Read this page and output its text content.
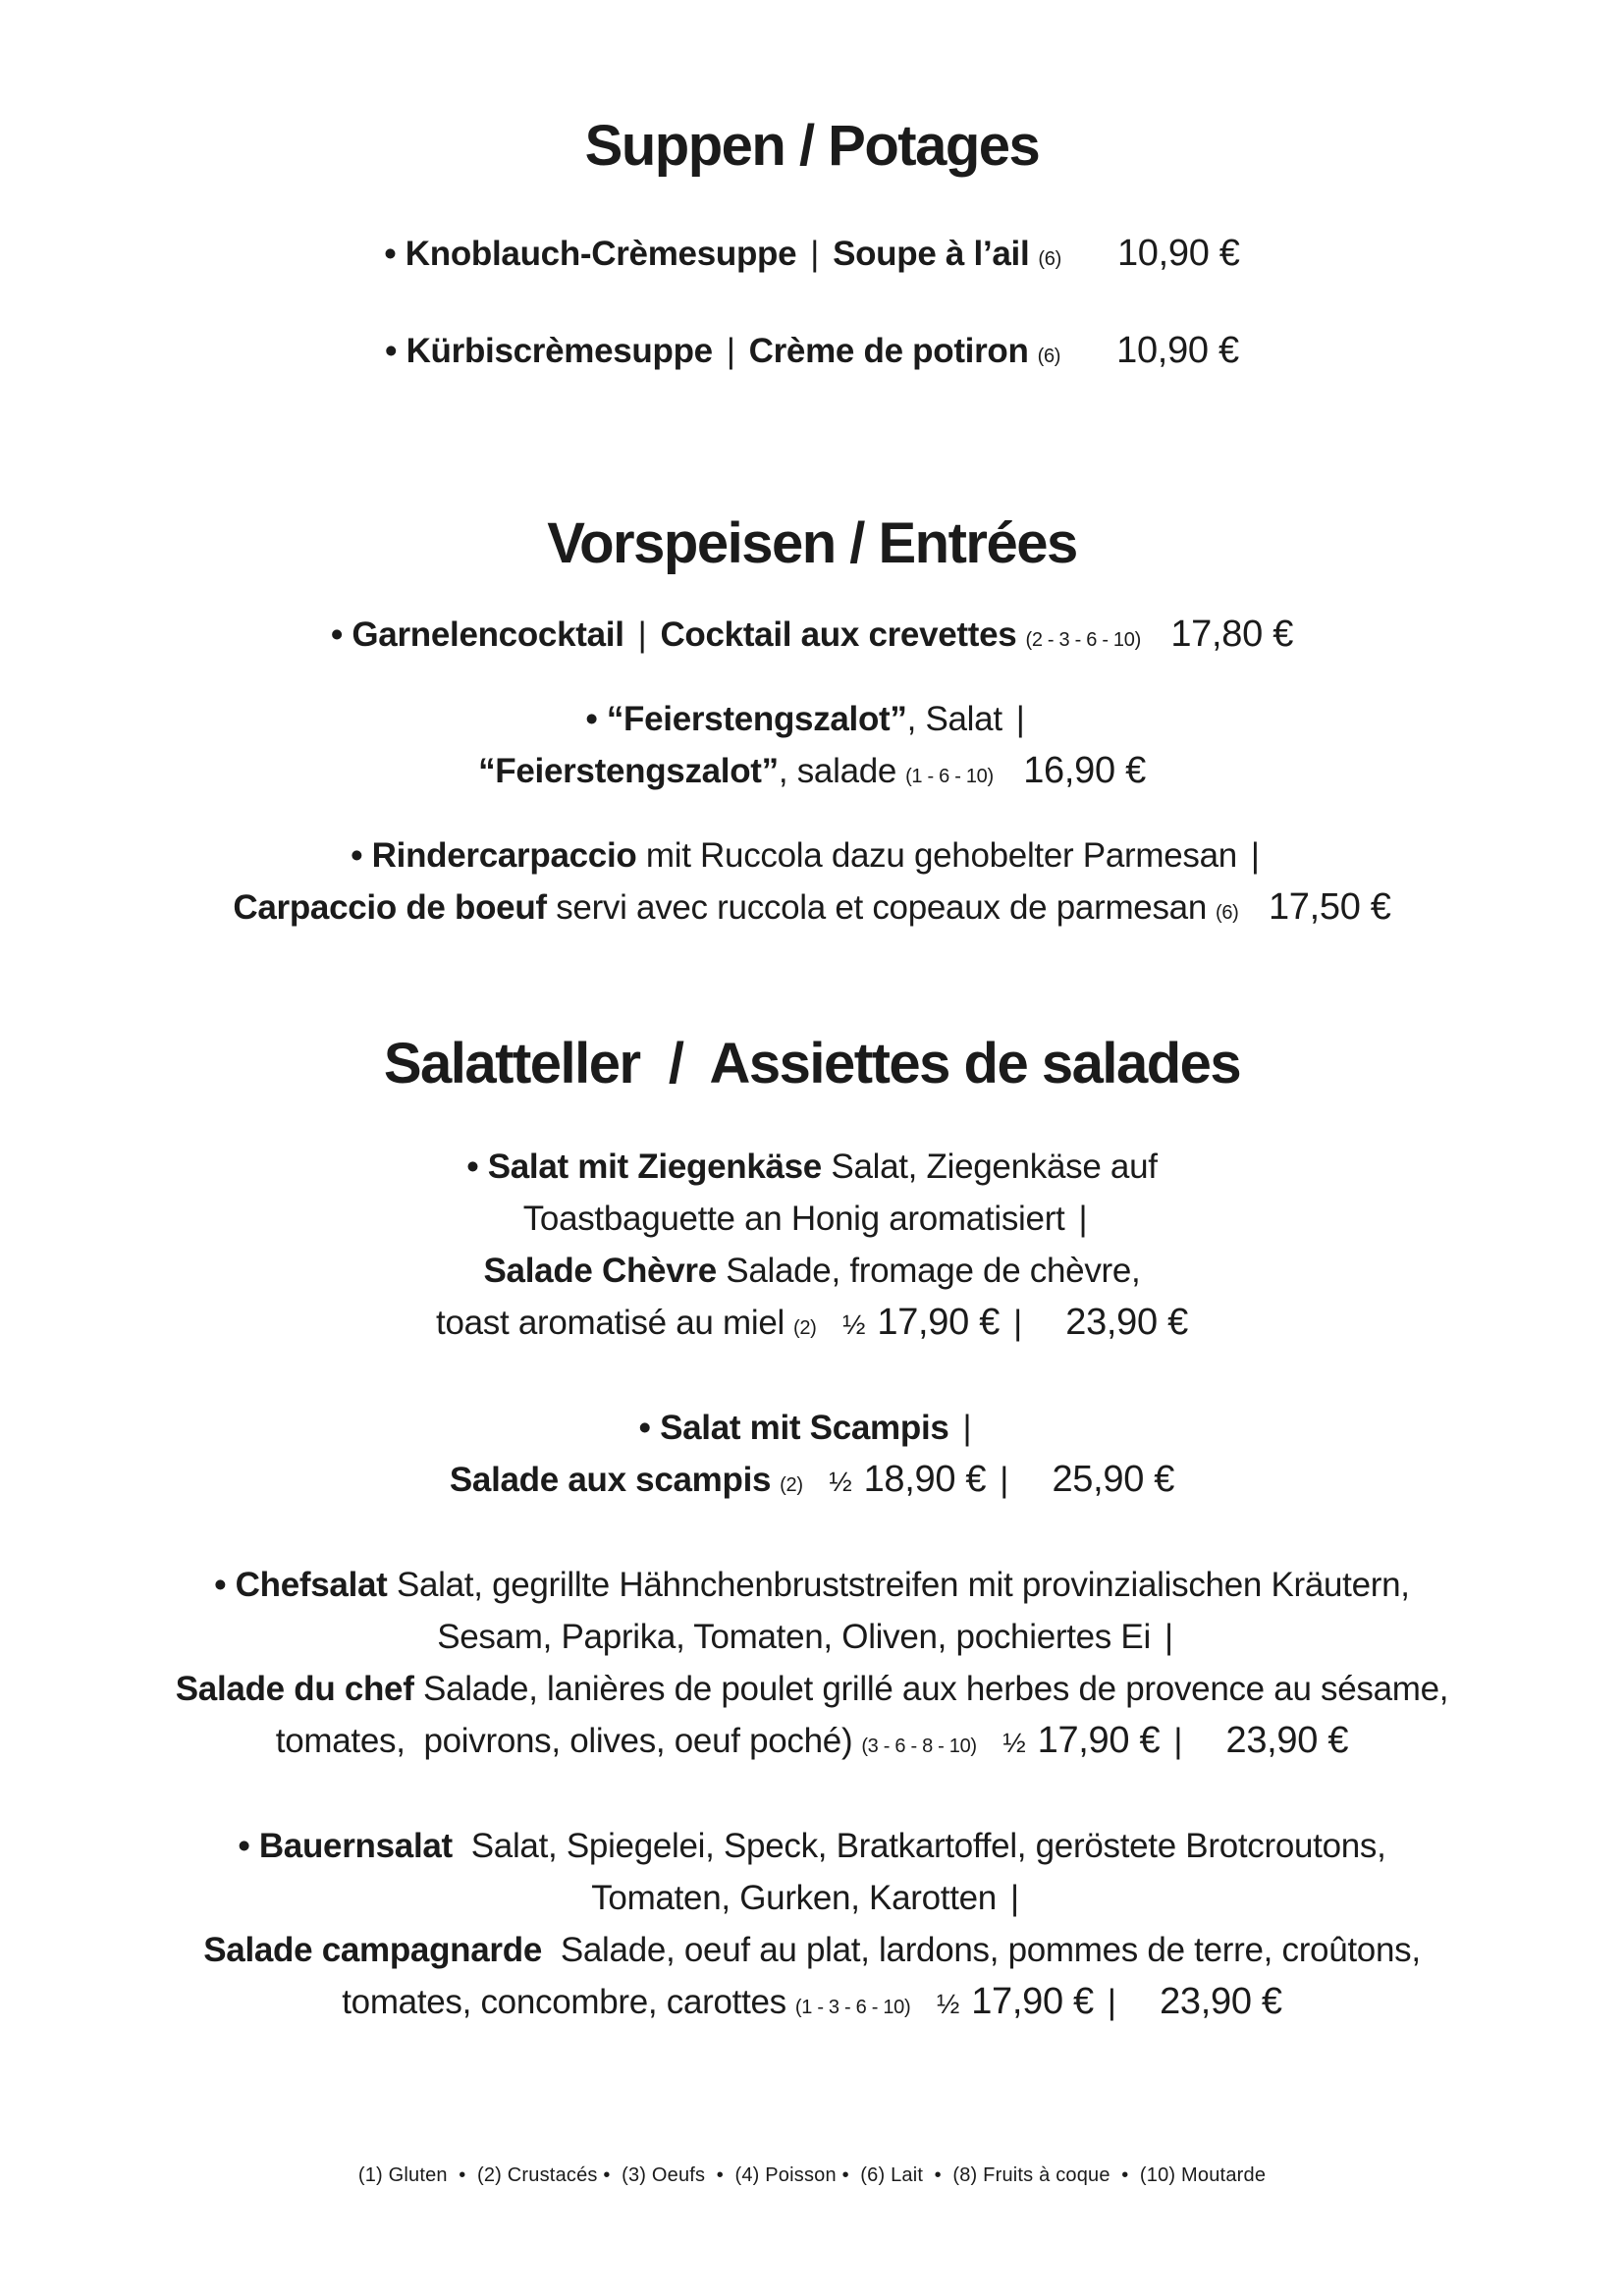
Suppen / Potages
• Knoblauch-Crèmesuppe | Soupe à l’ail (6) 10,90 €
• Kürbiscrèmesuppe | Crème de potiron (6) 10,90 €
Vorspeisen / Entrées
• Garnelencocktail | Cocktail aux crevettes (2 - 3 - 6 - 10) 17,80 €
• “Feierstengszalot”, Salat |
“Feierstengszalot”, salade (1 - 6 - 10) 16,90 €
• Rindercarpaccio mit Ruccola dazu gehobelter Parmesan |
Carpaccio de boeuf servi avec ruccola et copeaux de parmesan (6) 17,50 €
Salatteller  /  Assiettes de salades
• Salat mit Ziegenkäse Salat, Ziegenkäse auf
Toastbaguette an Honig aromatisiert |
Salade Chèvre Salade, fromage de chèvre,
toast aromatisé au miel (2) ½ 17,90 € | 23,90 €
• Salat mit Scampis |
Salade aux scampis (2) ½ 18,90 € | 25,90 €
• Chefsalat Salat, gegrillte Hähnchenbruststreifen mit provinzialischen Kräutern,
Sesam, Paprika, Tomaten, Oliven, pochiertes Ei |
Salade du chef Salade, lanières de poulet grillé aux herbes de provence au sésame,
tomates,  poivrons, olives, oeuf poché) (3 - 6 - 8 - 10) ½ 17,90 € | 23,90 €
• Bauernsalat  Salat, Spiegelei, Speck, Bratkartoffel, geröstete Brotcroutons,
Tomaten, Gurken, Karotten |
Salade campagnarde  Salade, oeuf au plat, lardons, pommes de terre, croûtons,
tomates, concombre, carottes (1 - 3 - 6 - 10) ½ 17,90 € | 23,90 €
(1) Gluten  •  (2) Crustacés •  (3) Oeufs  •  (4) Poisson •  (6) Lait  •  (8) Fruits à coque  •  (10) Moutarde
